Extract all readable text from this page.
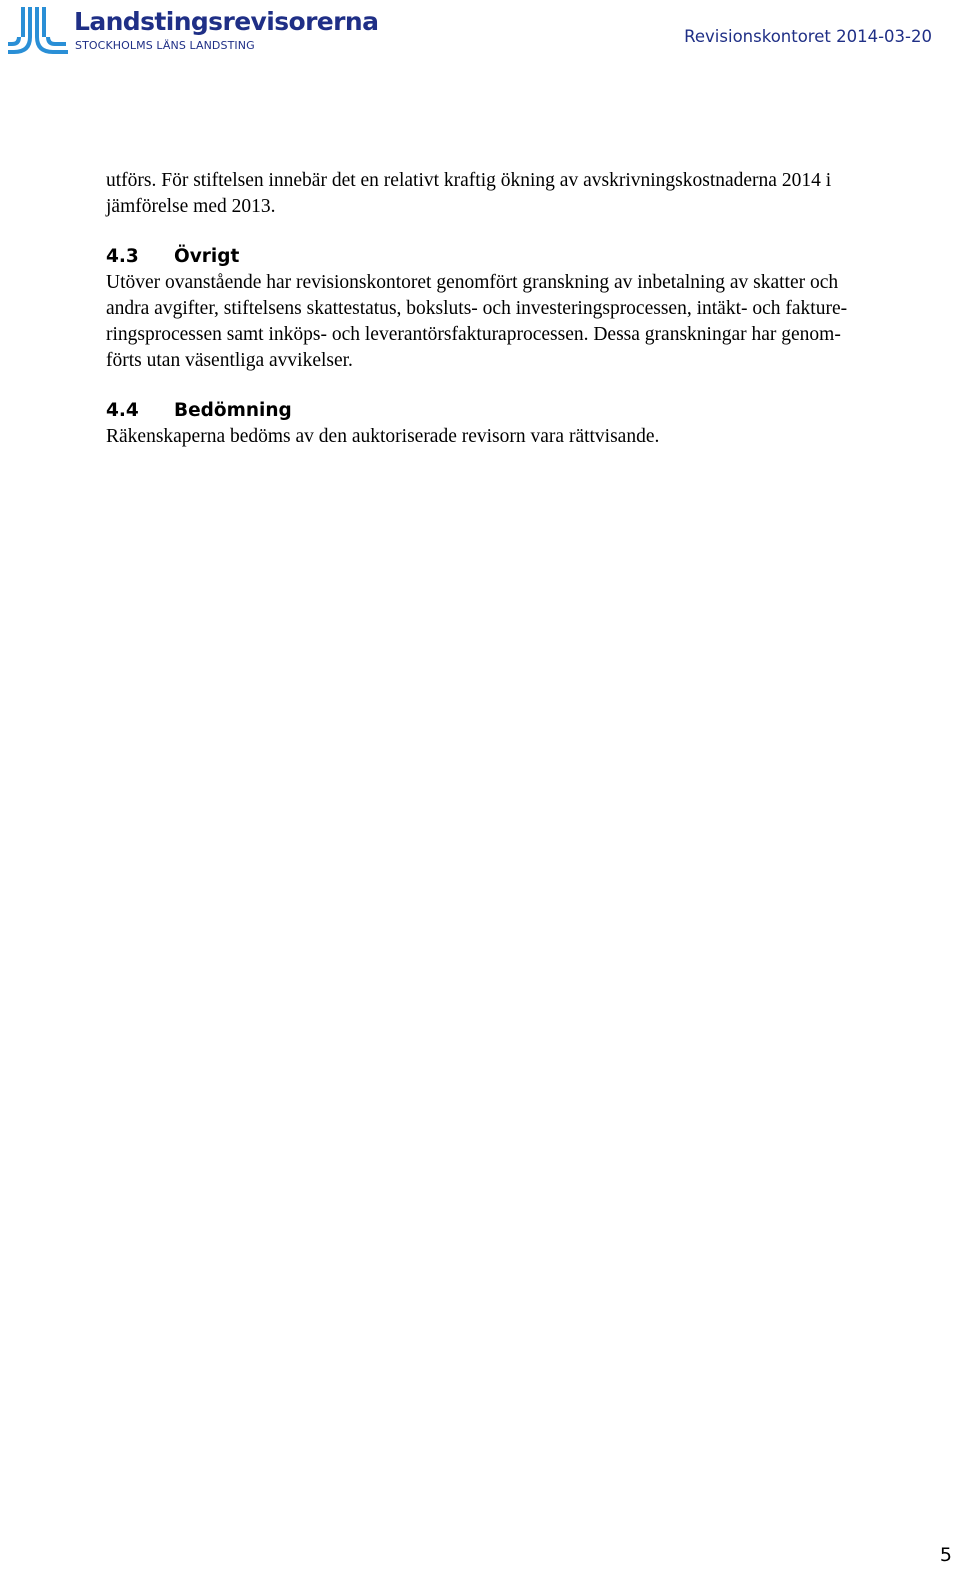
Landstingsrevisorerna
STOCKHOLMS LÄNS LANDSTING	Revisionskontoret 2014-03-20

utförs. För stiftelsen innebär det en relativt kraftig ökning av avskrivningskostnaderna 2014 i

jämförelse med 2013.

4.3 Övrigt

Utöver ovanstående har revisionskontoret genomfört granskning av inbetalning av skatter och

andra avgifter, stiftelsens skattestatus, boksluts- och investeringsprocessen, intäkt- och fakture-

ringsprocessen samt inköps- och leverantörsfakturaprocessen. Dessa granskningar har genom-

förts utan väsentliga avvikelser.

4.4 Bedömning

Räkenskaperna bedöms av den auktoriserade revisorn vara rättvisande.

5
